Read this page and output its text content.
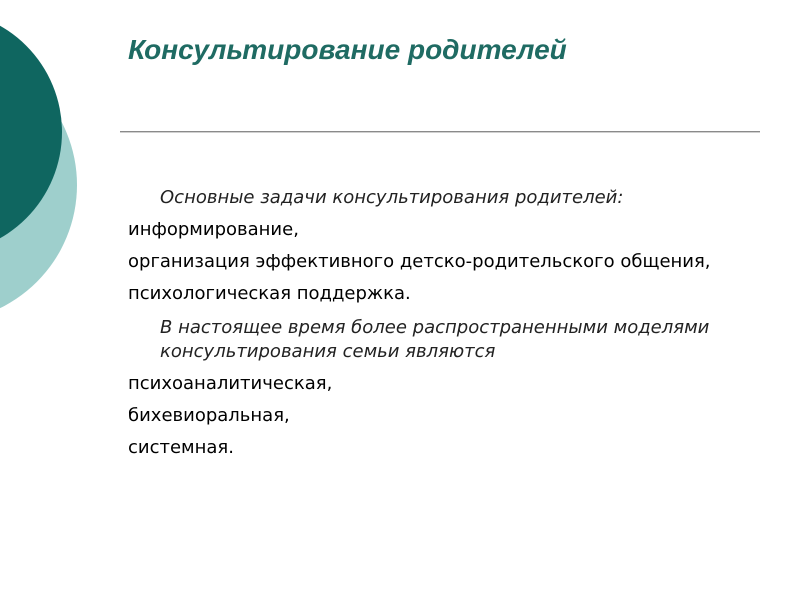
Консультирование родителей
Основные задачи консультирования родителей:
информирование,
организация эффективного детско-родительского общения,
психологическая поддержка.
В настоящее время более распространенными моделями консультирования семьи являются
психоаналитическая,
бихевиоральная,
системная.
